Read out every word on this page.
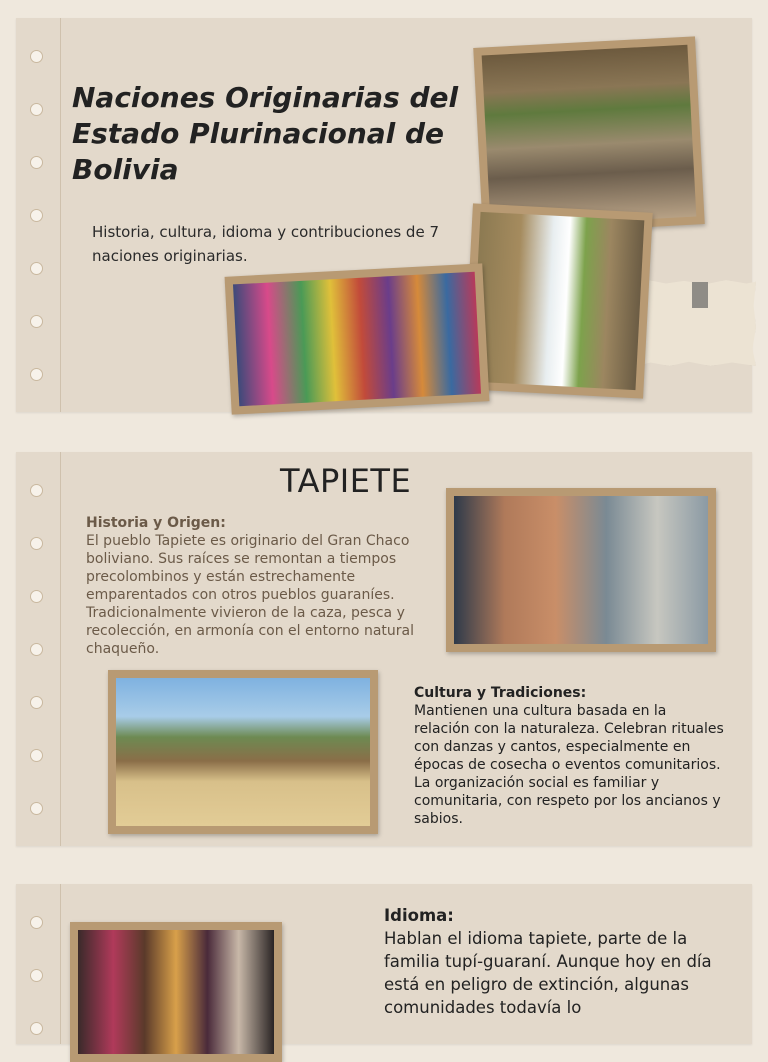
Naciones Originarias del Estado Plurinacional de Bolivia
Historia, cultura, idioma y contribuciones de 7 naciones originarias.
TAPIETE
Historia y Origen:
El pueblo Tapiete es originario del Gran Chaco boliviano. Sus raíces se remontan a tiempos precolombinos y están estrechamente emparentados con otros pueblos guaraníes. Tradicionalmente vivieron de la caza, pesca y recolección, en armonía con el entorno natural chaqueño.
Cultura y Tradiciones:
Mantienen una cultura basada en la relación con la naturaleza. Celebran rituales con danzas y cantos, especialmente en épocas de cosecha o eventos comunitarios. La organización social es familiar y comunitaria, con respeto por los ancianos y sabios.
Idioma:
Hablan el idioma tapiete, parte de la familia tupí-guaraní. Aunque hoy en día está en peligro de extinción, algunas comunidades todavía lo
